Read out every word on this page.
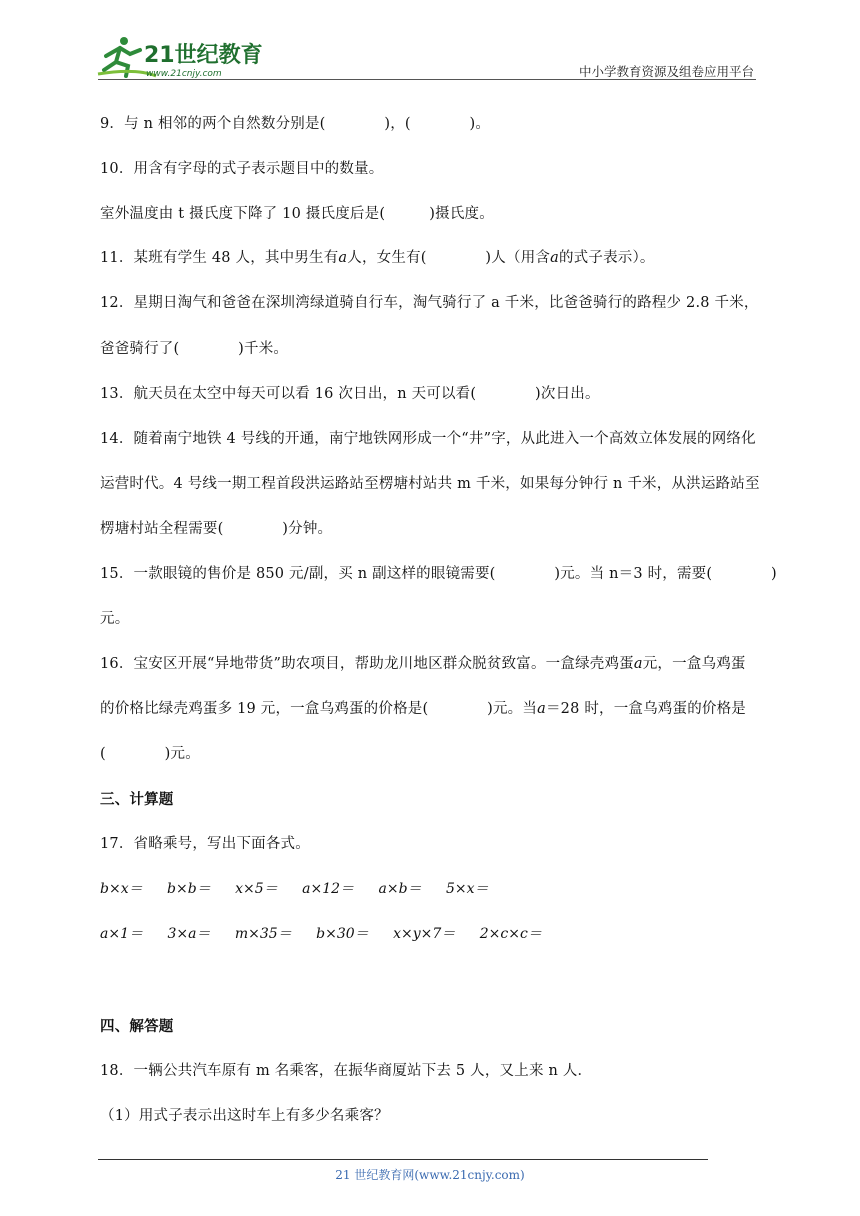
21世纪教育
www.21cnjy.com	中小学教育资源及组卷应用平台
9．与 n 相邻的两个自然数分别是(　　　　)，(　　　　)。
10．用含有字母的式子表示题目中的数量。
室外温度由 t 摄氏度下降了 10 摄氏度后是(　　　)摄氏度。
11．某班有学生 48 人，其中男生有a人，女生有(　　　　)人（用含a的式子表示）。
12．星期日淘气和爸爸在深圳湾绿道骑自行车，淘气骑行了 a 千米，比爸爸骑行的路程少 2.8 千米，
爸爸骑行了(　　　　)千米。
13．航天员在太空中每天可以看 16 次日出，n 天可以看(　　　　)次日出。
14．随着南宁地铁 4 号线的开通，南宁地铁网形成一个“井”字，从此进入一个高效立体发展的网络化
运营时代。4 号线一期工程首段洪运路站至楞塘村站共 m 千米，如果每分钟行 n 千米，从洪运路站至
楞塘村站全程需要(　　　　)分钟。
15．一款眼镜的售价是 850 元/副，买 n 副这样的眼镜需要(　　　　)元。当 n＝3 时，需要(　　　　)
元。
16．宝安区开展“异地带货”助农项目，帮助龙川地区群众脱贫致富。一盒绿壳鸡蛋a元，一盒乌鸡蛋
的价格比绿壳鸡蛋多 19 元，一盒乌鸡蛋的价格是(　　　　)元。当a＝28 时，一盒乌鸡蛋的价格是
(　　　　)元。
三、计算题
17．省略乘号，写出下面各式。
b×x＝ b×b＝ x×5＝ a×12＝ a×b＝ 5×x＝
a×1＝ 3×a＝ m×35＝ b×30＝ x×y×7＝ 2×c×c＝
四、解答题
18．一辆公共汽车原有 m 名乘客，在振华商厦站下去 5 人，又上来 n 人．
（1）用式子表示出这时车上有多少名乘客？
21 世纪教育网(www.21cnjy.com)
